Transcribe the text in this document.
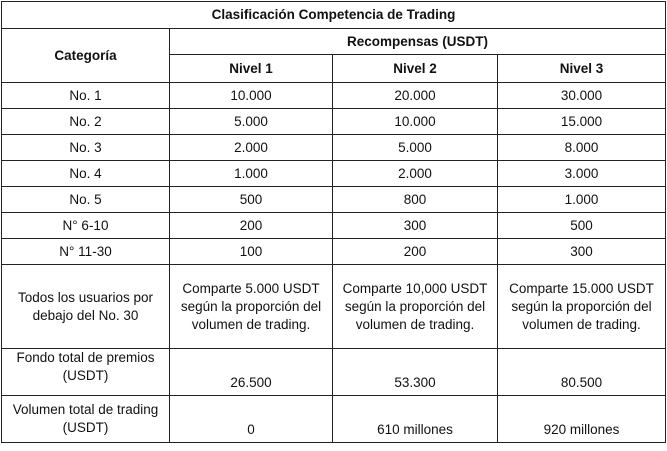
Clasificación Competencia de Trading			
Categoría	Recompensas (USDT)		
	Nivel 1	Nivel 2	Nivel 3
No. 1	10.000	20.000	30.000
No. 2	5.000	10.000	15.000
No. 3	2.000	5.000	8.000
No. 4	1.000	2.000	3.000
No. 5	500	800	1.000
N° 6-10	200	300	500
N° 11-30	100	200	300
Todos los usuarios por debajo del No. 30	Comparte 5.000 USDT según la proporción del volumen de trading.	Comparte 10,000 USDT según la proporción del volumen de trading.	Comparte 15.000 USDT según la proporción del volumen de trading.
Fondo total de premios (USDT)	26.500	53.300	80.500
Volumen total de trading (USDT)	0	610 millones	920 millones
